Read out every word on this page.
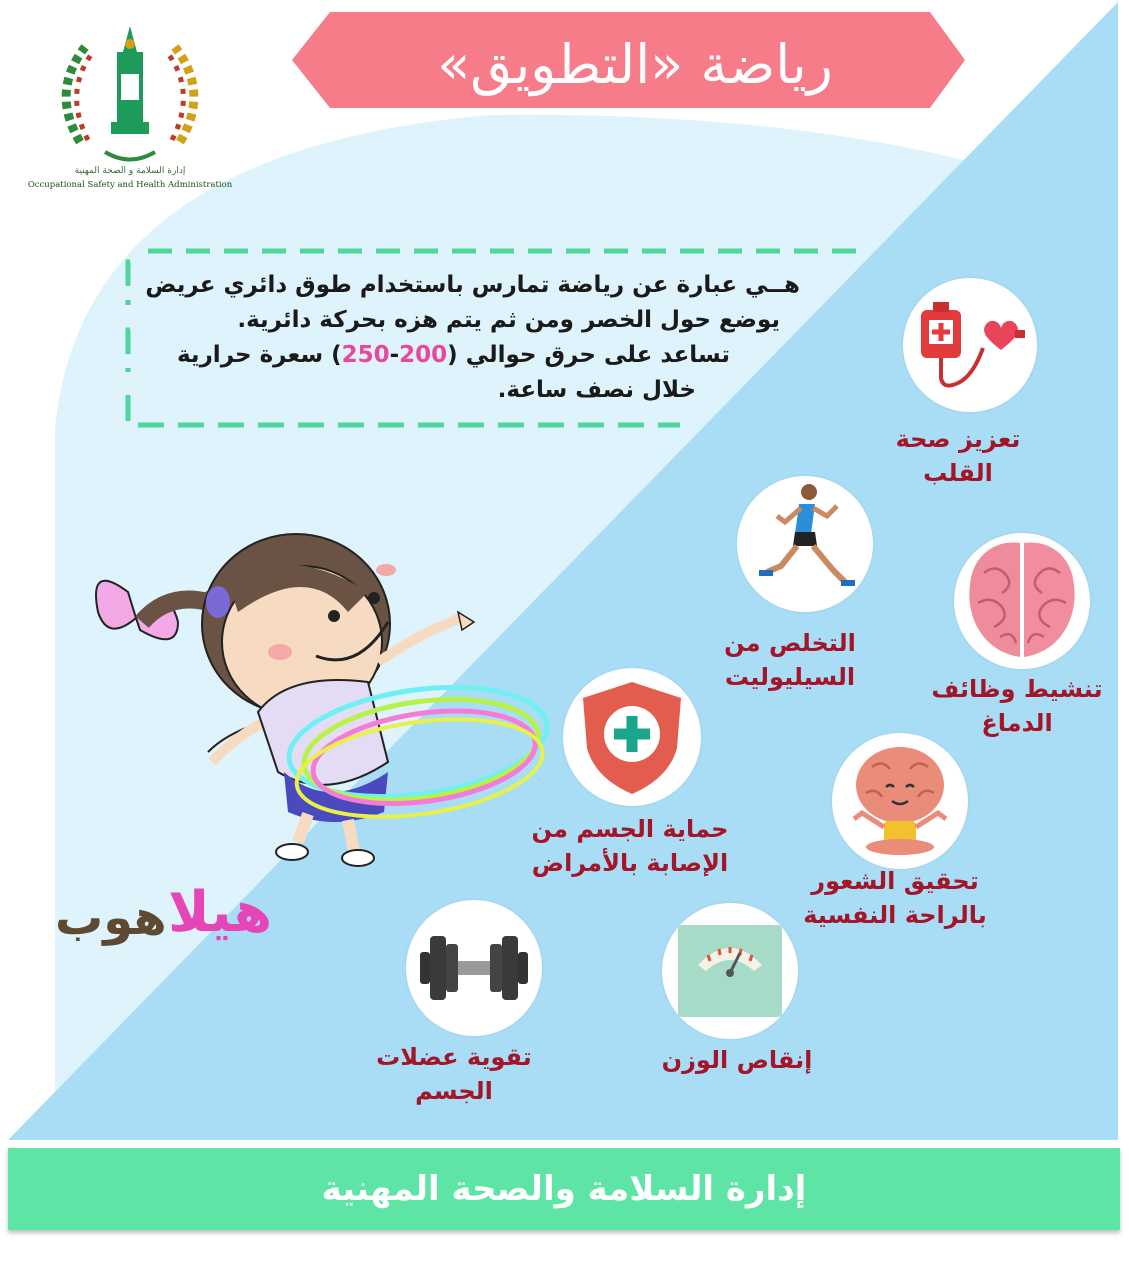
إدارة السلامة و الصحة المهنية
Occupational Safety and Health Administration
رياضة «التطويق»
هــي عبارة عن رياضة تمارس باستخدام طوق دائري عريض
يوضع حول الخصر ومن ثم يتم هزه بحركة دائرية.
تساعد على حرق حوالي (200-250) سعرة حرارية
خلال نصف ساعة.
تعزيز صحة القلب
التخلص من السيليوليت	تنشيط وظائف الدماغ
حماية الجسم من الإصابة بالأمراض
تحقيق الشعور بالراحة النفسية
إنقاص الوزن
تقوية عضلات الجسم
هيلا
هوب
إدارة السلامة والصحة المهنية
